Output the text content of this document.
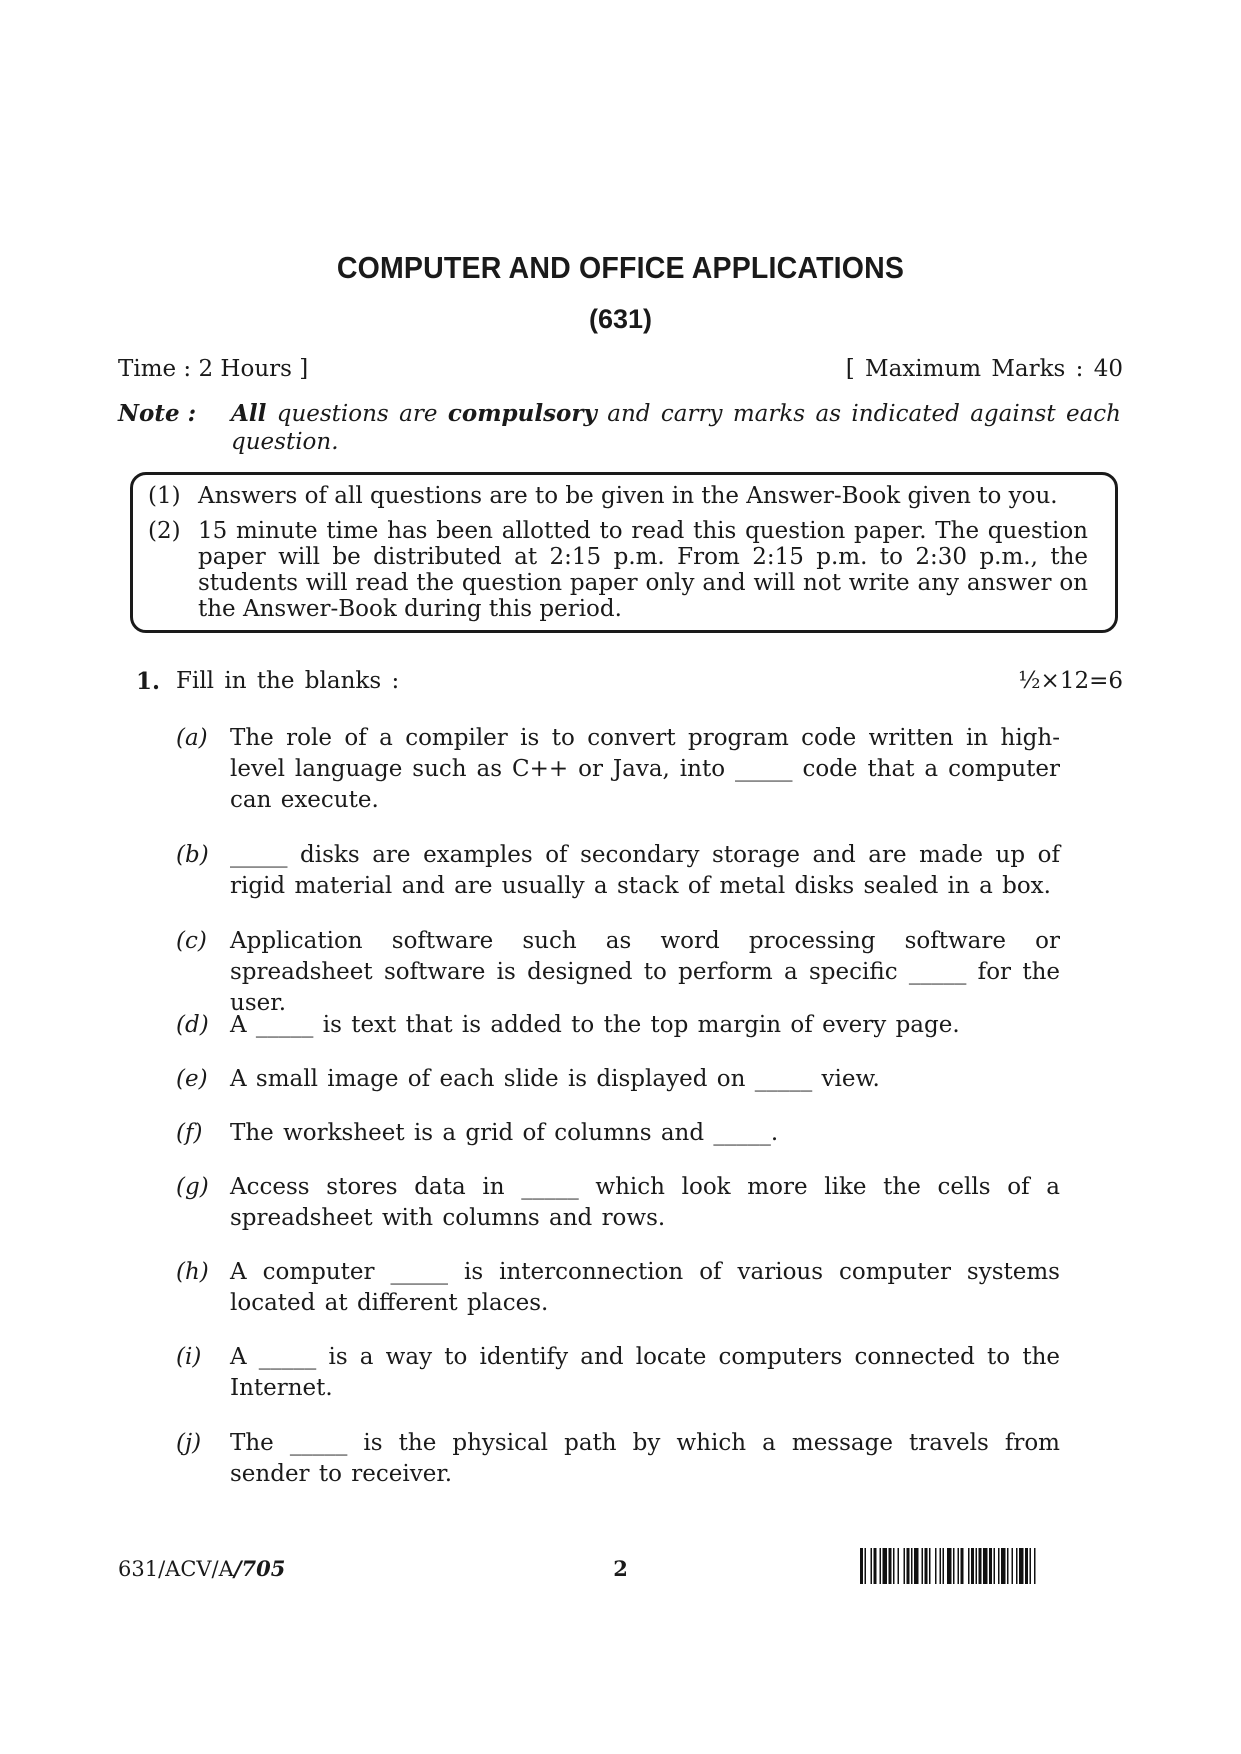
COMPUTER AND OFFICE APPLICATIONS
(631)
Time : 2 Hours ]	[ Maximum Marks : 40
Note : All questions are compulsory and carry marks as indicated against each question.
(1) Answers of all questions are to be given in the Answer-Book given to you.
(2) 15 minute time has been allotted to read this question paper. The question paper will be distributed at 2:15 p.m. From 2:15 p.m. to 2:30 p.m., the students will read the question paper only and will not write any answer on the Answer-Book during this period.
1. Fill in the blanks :	½×12=6
(a) The role of a compiler is to convert program code written in high-level language such as C++ or Java, into _____ code that a computer can execute.
(b) _____ disks are examples of secondary storage and are made up of rigid material and are usually a stack of metal disks sealed in a box.
(c) Application software such as word processing software or spreadsheet software is designed to perform a specific _____ for the user.
(d) A _____ is text that is added to the top margin of every page.
(e) A small image of each slide is displayed on _____ view.
(f) The worksheet is a grid of columns and _____.
(g) Access stores data in _____ which look more like the cells of a spreadsheet with columns and rows.
(h) A computer _____ is interconnection of various computer systems located at different places.
(i) A _____ is a way to identify and locate computers connected to the Internet.
(j) The _____ is the physical path by which a message travels from sender to receiver.
631/ACV/A/705	2
